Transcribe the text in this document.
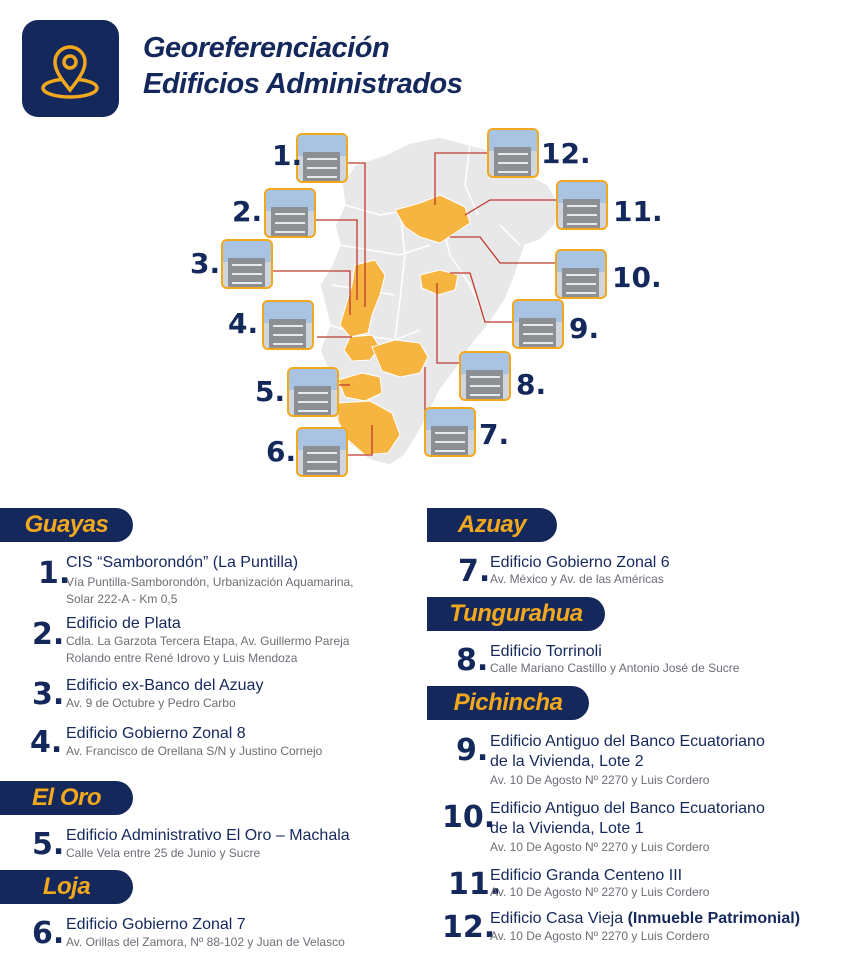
Georeferenciación
Edificios Administrados
1.
2.
3.
4.
5.
6.
7.
8.
9.
10.
11.
12.
Guayas
El Oro
Loja
Azuay
Tungurahua
Pichincha
1.
CIS “Samborondón” (La Puntilla)
Vía Puntilla-Samborondón, Urbanización Aquamarina,
Solar 222-A - Km 0,5
2. Edificio de Plata
Cdla. La Garzota Tercera Etapa, Av. Guillermo Pareja
Rolando entre René Idrovo y Luis Mendoza
3. Edificio ex-Banco del Azuay
Av. 9 de Octubre y Pedro Carbo
4. Edificio Gobierno Zonal 8
Av. Francisco de Orellana S/N y Justino Cornejo
5. Edificio Administrativo El Oro – Machala
Calle Vela entre 25 de Junio y Sucre
6. Edificio Gobierno Zonal 7
Av. Orillas del Zamora, Nº 88-102 y Juan de Velasco
7. Edificio Gobierno Zonal 6
Av. México y Av. de las Américas
8. Edificio Torrinoli
Calle Mariano Castillo y Antonio José de Sucre
9. Edificio Antiguo del Banco Ecuatoriano
de la Vivienda, Lote 2
Av. 10 De Agosto Nº 2270 y Luis Cordero
10.
Edificio Antiguo del Banco Ecuatoriano
de la Vivienda, Lote 1
Av. 10 De Agosto Nº 2270 y Luis Cordero
11.
Edificio Granda Centeno III
Av. 10 De Agosto Nº 2270 y Luis Cordero
12.
Edificio Casa Vieja (Inmueble Patrimonial)
Av. 10 De Agosto Nº 2270 y Luis Cordero
